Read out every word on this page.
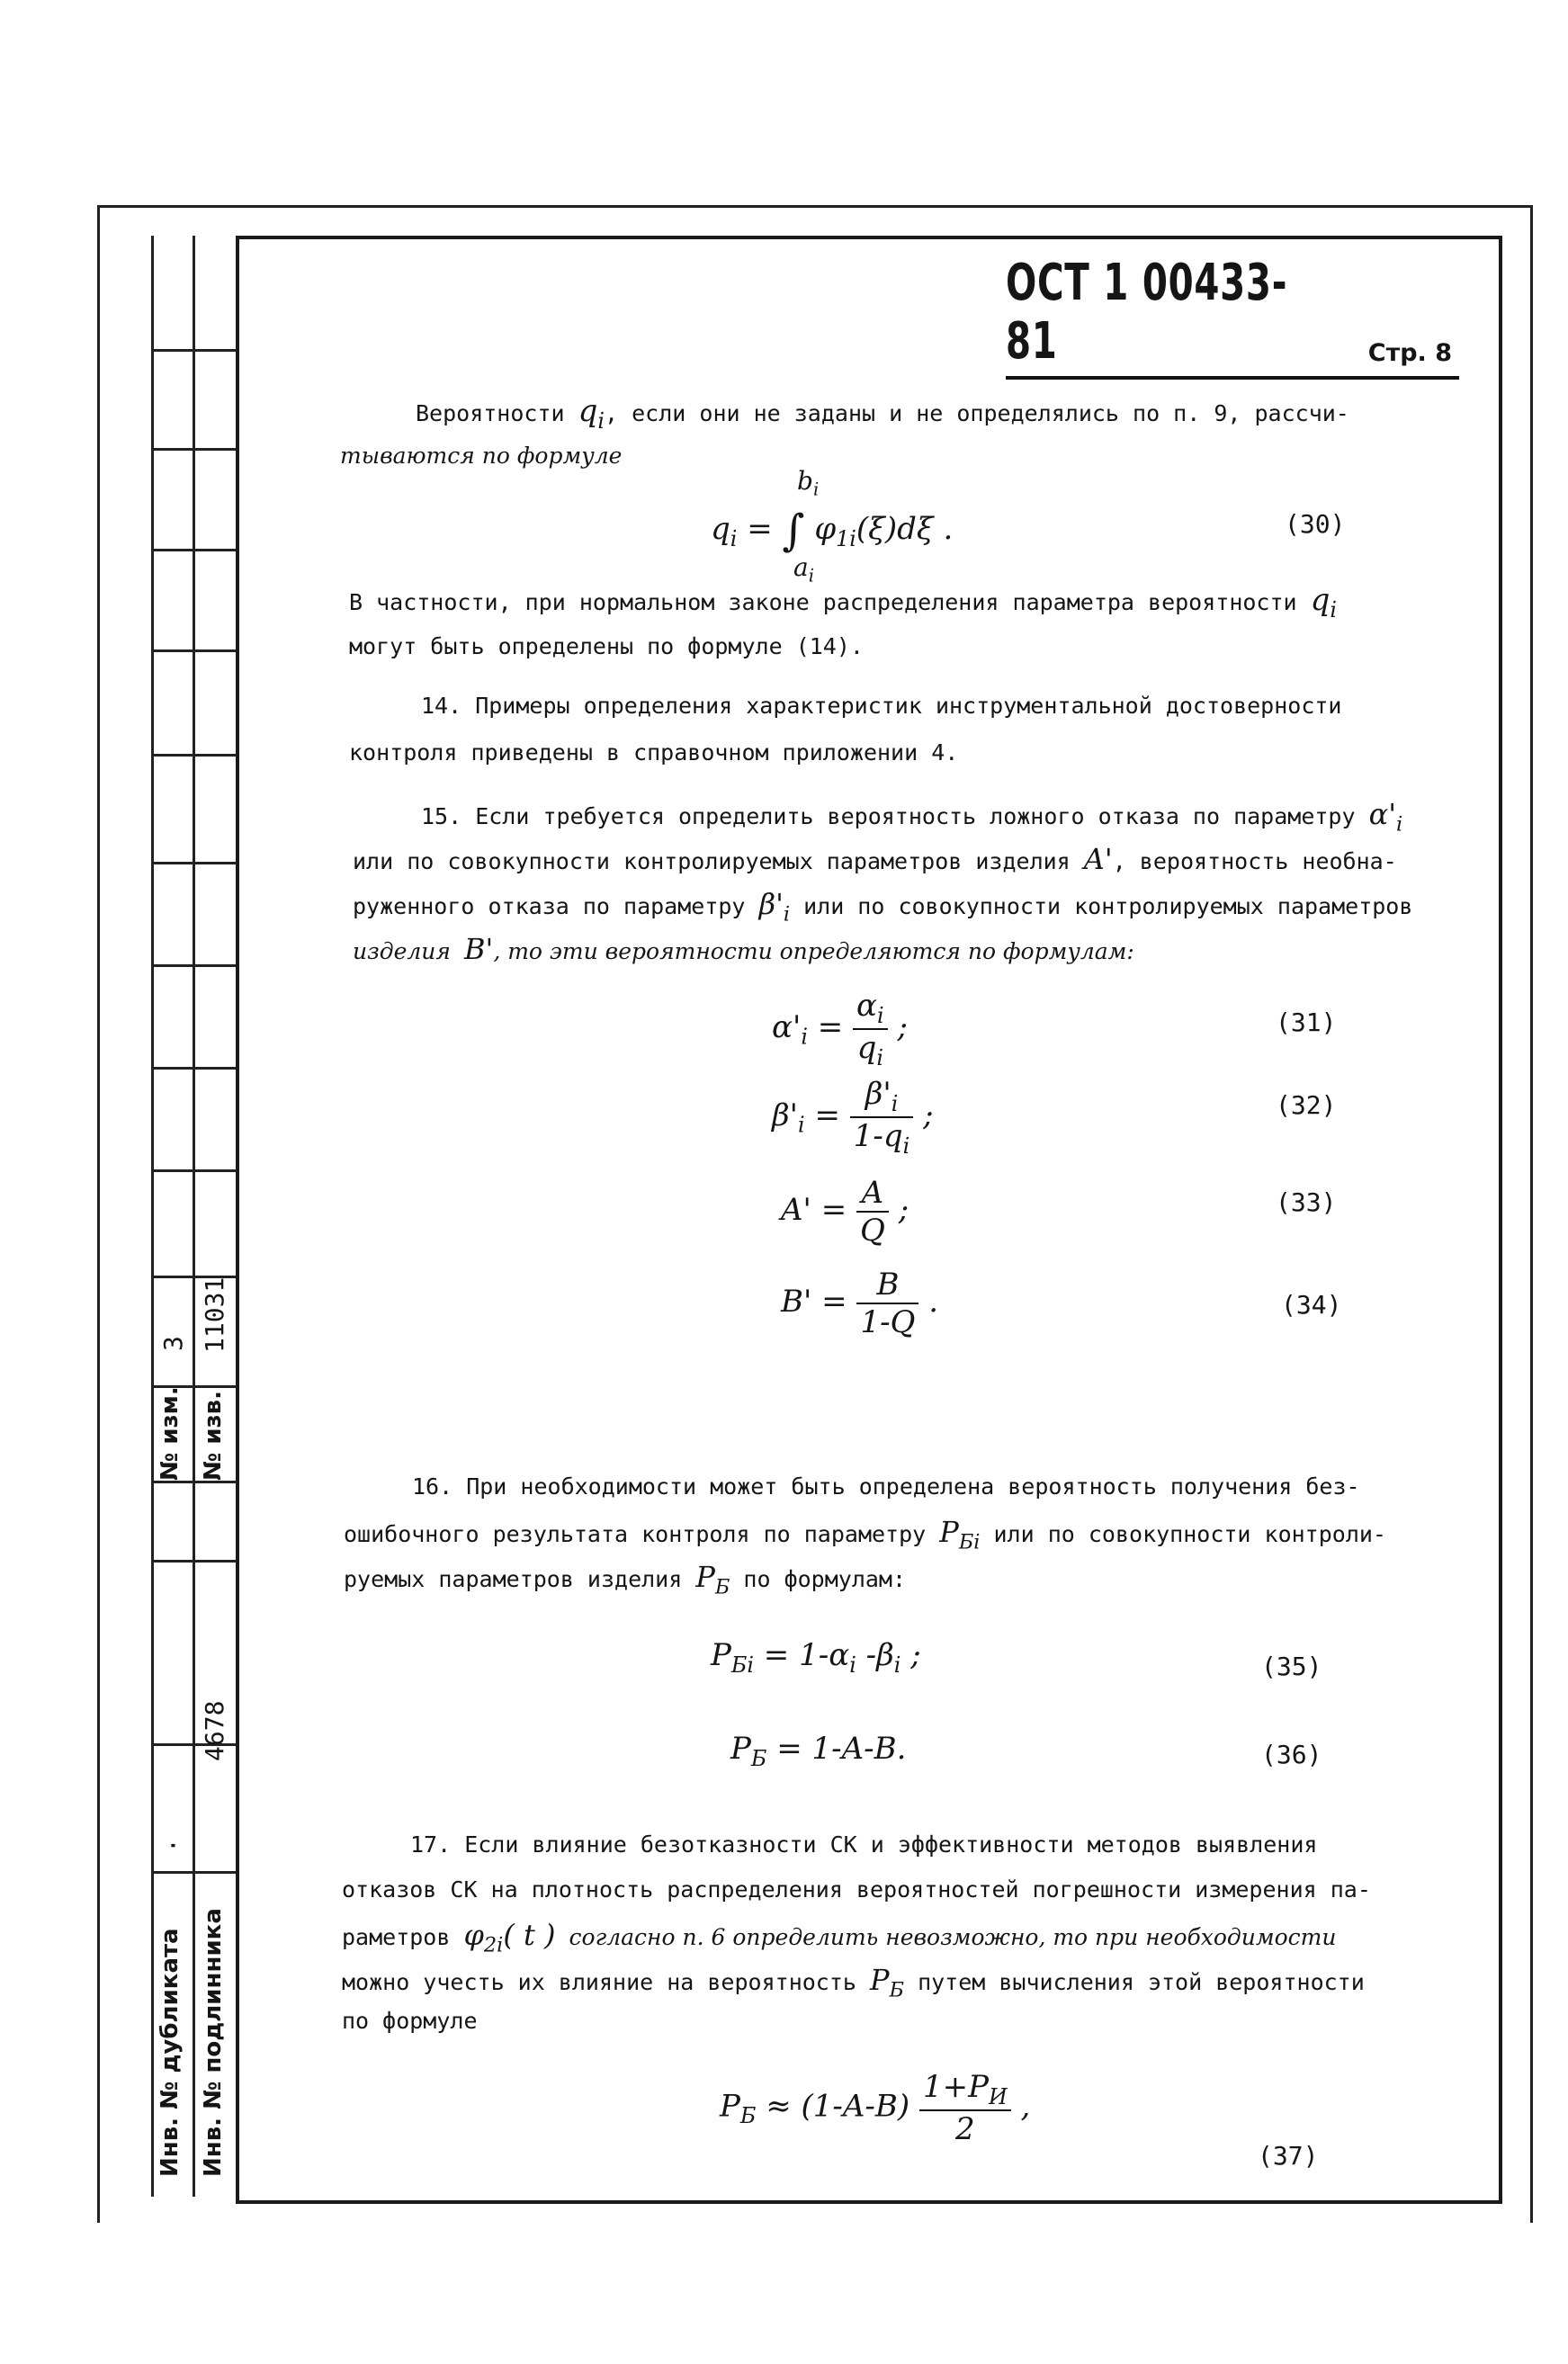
№ изм.
3
№ изв.
11031
Инв. № дубликата
·
Инв. № подлинника
4678
ОСТ 1 00433-81	Стр. 8
Вероятности $q_i$, если они не заданы и не определялись по п. 9, рассчи-
тываются по формуле
$b_i$
$q_i$ = ∫ $\varphi_{1i}(\xi)d\xi$ .
$a_i$
(30)
В частности, при нормальном законе распределения параметра вероятности $q_i$
могут быть определены по формуле (14).
14. Примеры определения характеристик инструментальной достоверности
контроля приведены в справочном приложении 4.
15. Если требуется определить вероятность ложного отказа по параметру $\alpha'_i$
или по совокупности контролируемых параметров изделия A', вероятность необна-
руженного отказа по параметру $\beta'_i$ или по совокупности контролируемых параметров
изделия B', то эти вероятности определяются по формулам:
$\alpha'_i = \frac{\alpha_i}{q_i}$ ;	(31)
$\beta'_i = \frac{\beta'_i}{1-q_i}$ ;	(32)
$A' = \frac{A}{Q}$ ;	(33)
$B' = \frac{B}{1-Q}$ .	(34)
16. При необходимости может быть определена вероятность получения без-
ошибочного результата контроля по параметру $P_{Бi}$ или по совокупности контроли-
руемых параметров изделия $P_Б$ по формулам:
$P_{Бi} = 1-\alpha_i$ $-\beta_i$ ;	(35)
$P_Б = 1-A-B$.	(36)
17. Если влияние безотказности СК и эффективности методов выявления
отказов СК на плотность распределения вероятностей погрешности измерения па-
раметров $\varphi_{2i}$( t ) согласно п. 6 определить невозможно, то при необходимости
можно учесть их влияние на вероятность $P_Б$ путем вычисления этой вероятности
по формуле
$P_Б \approx (1-A-B) \frac{1+P_И}{2}$ ,
(37)
